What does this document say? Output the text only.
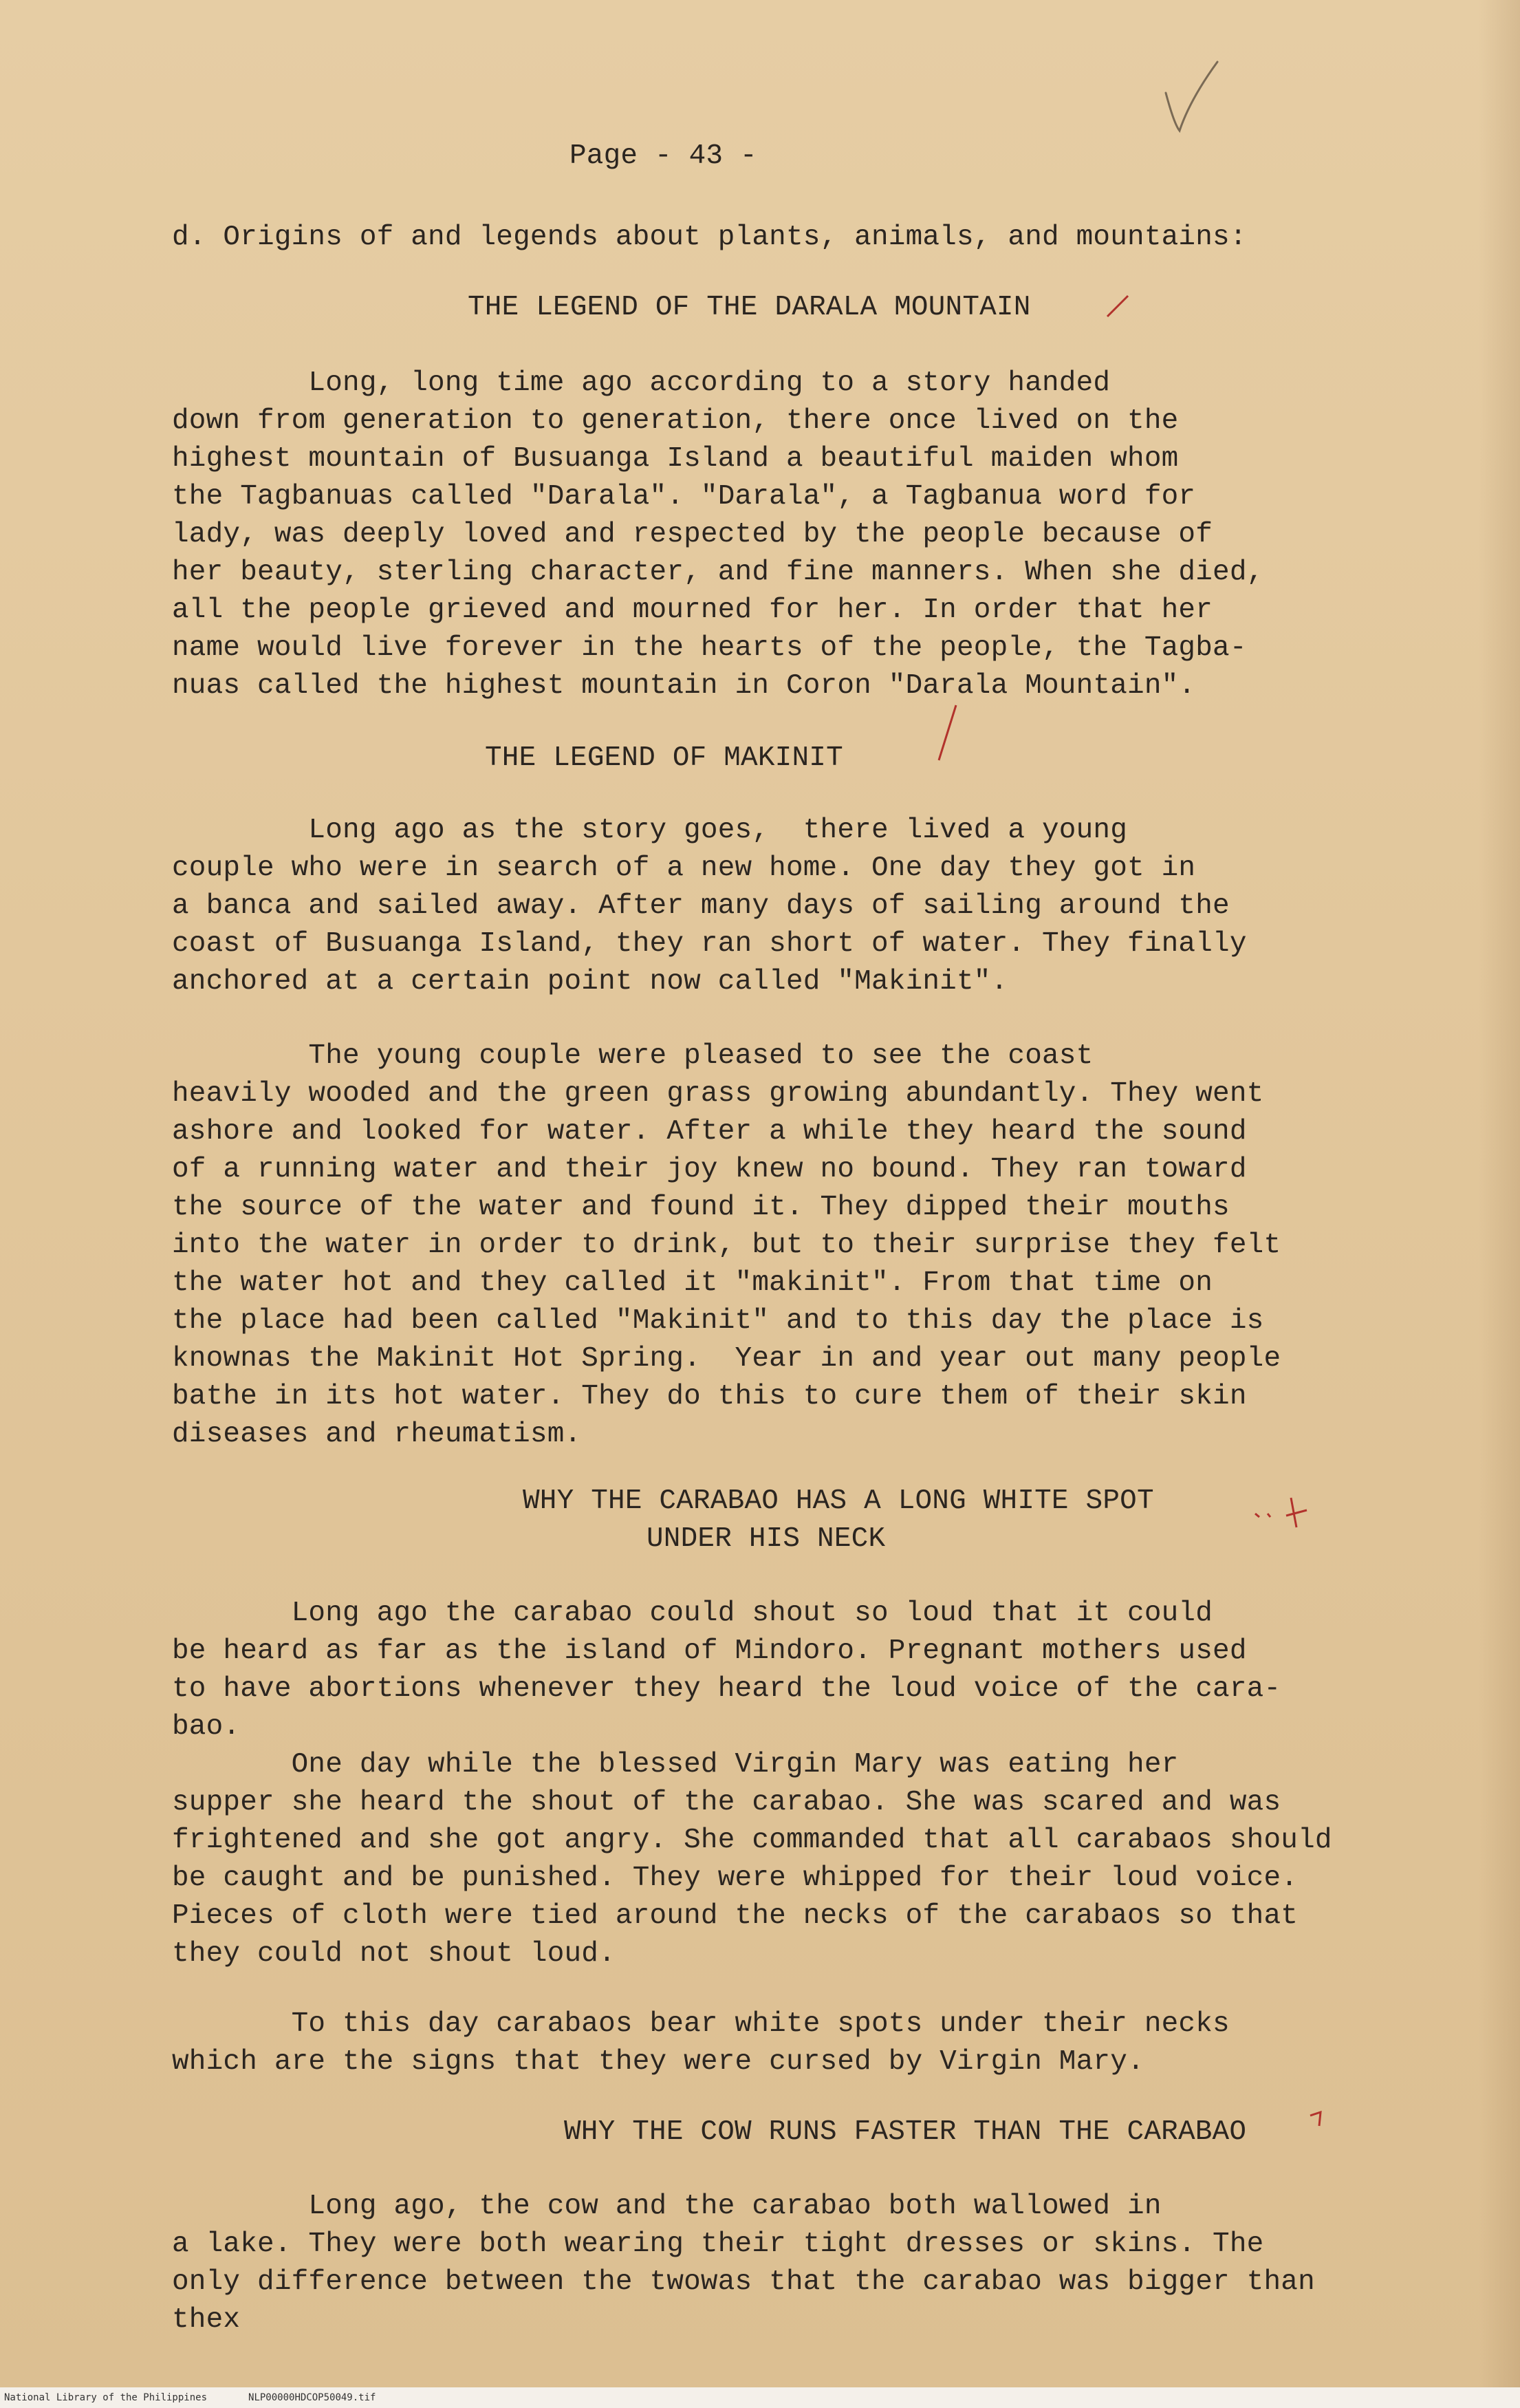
Page - 43 -
d. Origins of and legends about plants, animals, and mountains:
THE LEGEND OF THE DARALA MOUNTAIN
Long, long time ago according to a story handed
down from generation to generation, there once lived on the
highest mountain of Busuanga Island a beautiful maiden whom
the Tagbanuas called "Darala". "Darala", a Tagbanua word for
lady, was deeply loved and respected by the people because of
her beauty, sterling character, and fine manners. When she died,
all the people grieved and mourned for her. In order that her
name would live forever in the hearts of the people, the Tagba-
nuas called the highest mountain in Coron "Darala Mountain".
THE LEGEND OF MAKINIT
Long ago as the story goes,  there lived a young
couple who were in search of a new home. One day they got in
a banca and sailed away. After many days of sailing around the
coast of Busuanga Island, they ran short of water. They finally
anchored at a certain point now called "Makinit".
The young couple were pleased to see the coast
heavily wooded and the green grass growing abundantly. They went
ashore and looked for water. After a while they heard the sound
of a running water and their joy knew no bound. They ran toward
the source of the water and found it. They dipped their mouths
into the water in order to drink, but to their surprise they felt
the water hot and they called it "makinit". From that time on
the place had been called "Makinit" and to this day the place is
knownas the Makinit Hot Spring.  Year in and year out many people
bathe in its hot water. They do this to cure them of their skin
diseases and rheumatism.
WHY THE CARABAO HAS A LONG WHITE SPOT
UNDER HIS NECK
Long ago the carabao could shout so loud that it could
be heard as far as the island of Mindoro. Pregnant mothers used
to have abortions whenever they heard the loud voice of the cara-
bao.
One day while the blessed Virgin Mary was eating her
supper she heard the shout of the carabao. She was scared and was
frightened and she got angry. She commanded that all carabaos should
be caught and be punished. They were whipped for their loud voice.
Pieces of cloth were tied around the necks of the carabaos so that
they could not shout loud.
To this day carabaos bear white spots under their necks
which are the signs that they were cursed by Virgin Mary.
WHY THE COW RUNS FASTER THAN THE CARABAO
Long ago, the cow and the carabao both wallowed in
a lake. They were both wearing their tight dresses or skins. The
only difference between the twowas that the carabao was bigger than
thex
National Library of the Philippines	NLP00000HDCOP50049.tif
